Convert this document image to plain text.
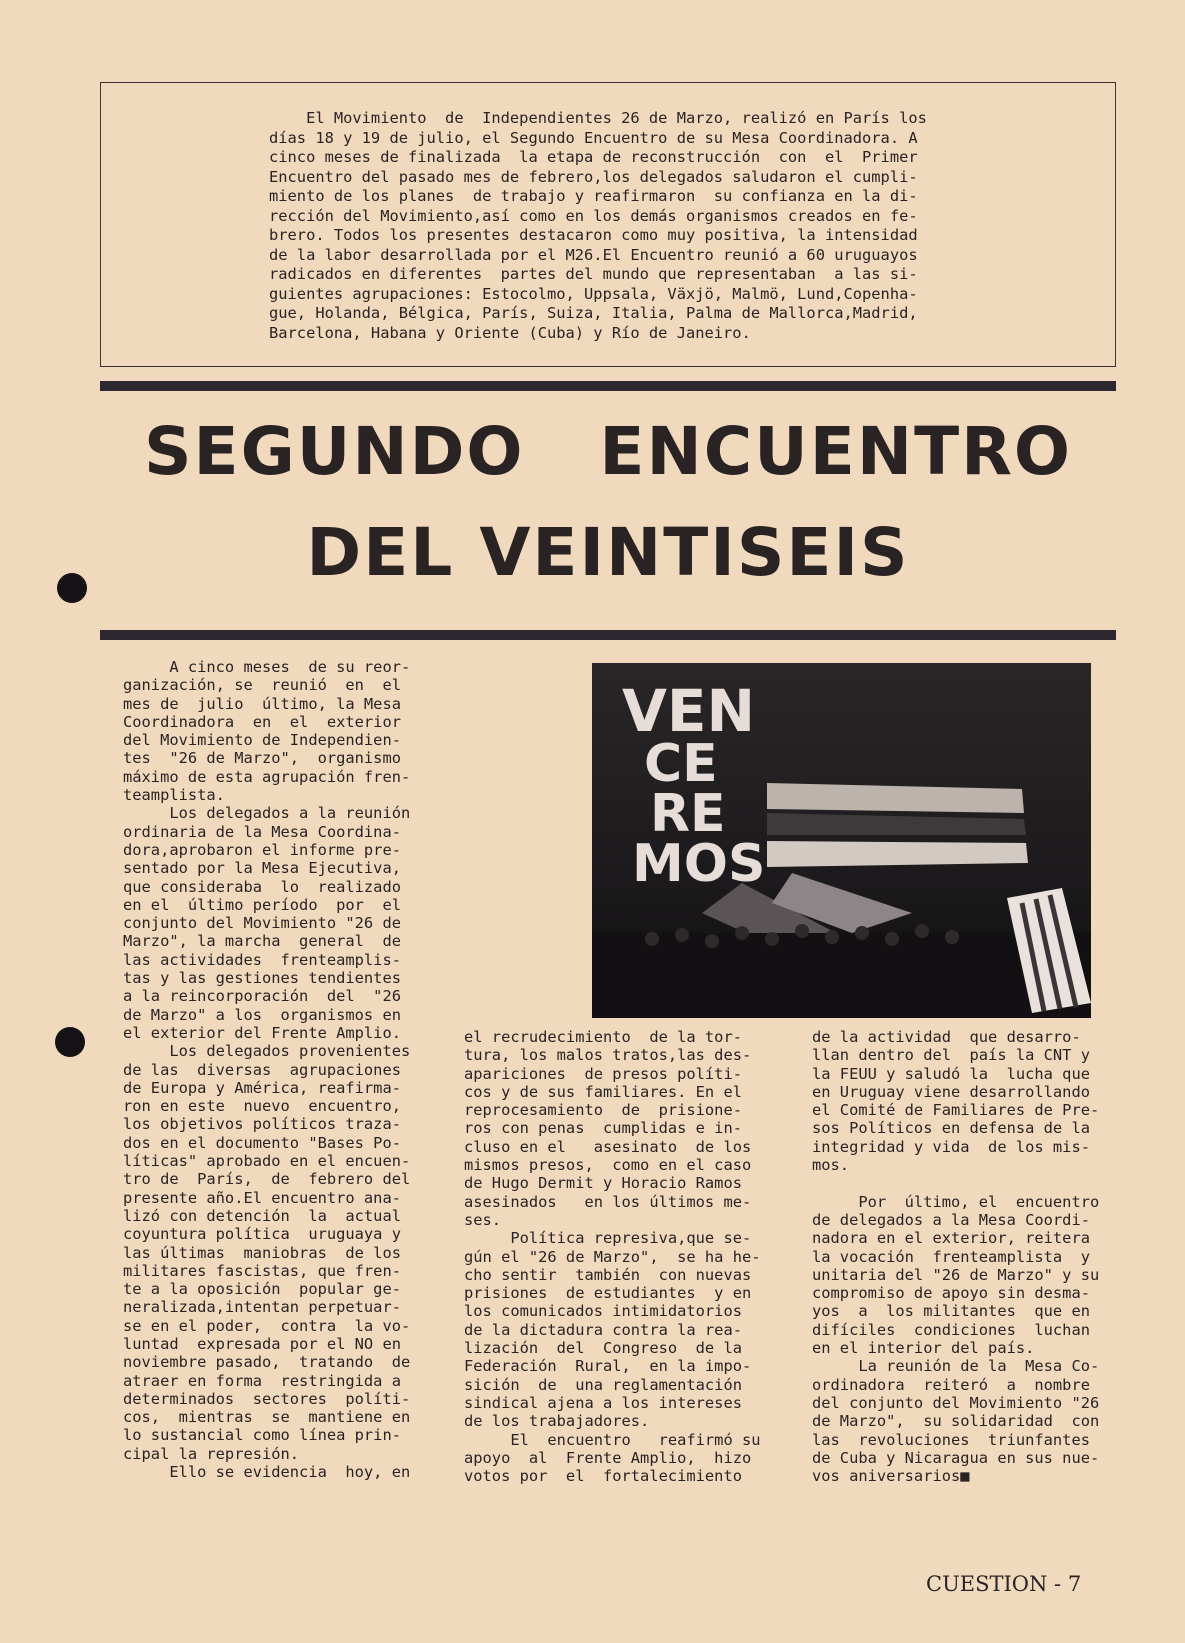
El Movimiento  de  Independientes 26 de Marzo, realizó en París los
días 18 y 19 de julio, el Segundo Encuentro de su Mesa Coordinadora. A
cinco meses de finalizada  la etapa de reconstrucción  con  el  Primer
Encuentro del pasado mes de febrero,los delegados saludaron el cumpli-
miento de los planes  de trabajo y reafirmaron  su confianza en la di-
rección del Movimiento,así como en los demás organismos creados en fe-
brero. Todos los presentes destacaron como muy positiva, la intensidad
de la labor desarrollada por el M26.El Encuentro reunió a 60 uruguayos
radicados en diferentes  partes del mundo que representaban  a las si-
guientes agrupaciones: Estocolmo, Uppsala, Växjö, Malmö, Lund,Copenha-
gue, Holanda, Bélgica, París, Suiza, Italia, Palma de Mallorca,Madrid,
Barcelona, Habana y Oriente (Cuba) y Río de Janeiro.
SEGUNDO   ENCUENTRO
DEL VEINTISEIS
A cinco meses  de su reor-
ganización, se  reunió  en  el
mes de  julio  último, la Mesa
Coordinadora  en  el  exterior
del Movimiento de Independien-
tes  "26 de Marzo",  organismo
máximo de esta agrupación fren-
teamplista.
Los delegados a la reunión
ordinaria de la Mesa Coordina-
dora,aprobaron el informe pre-
sentado por la Mesa Ejecutiva,
que consideraba  lo  realizado
en el  último período  por  el
conjunto del Movimiento "26 de
Marzo", la marcha  general  de
las actividades  frenteamplis-
tas y las gestiones tendientes
a la reincorporación  del  "26
de Marzo" a los  organismos en
el exterior del Frente Amplio.
Los delegados provenientes
de las  diversas  agrupaciones
de Europa y América, reafirma-
ron en este  nuevo  encuentro,
los objetivos políticos traza-
dos en el documento "Bases Po-
líticas" aprobado en el encuen-
tro de  París,  de  febrero del
presente año.El encuentro ana-
lizó con detención  la  actual
coyuntura política  uruguaya y
las últimas  maniobras  de los
militares fascistas, que fren-
te a la oposición  popular ge-
neralizada,intentan perpetuar-
se en el poder,  contra  la vo-
luntad  expresada por el NO en
noviembre pasado,  tratando  de
atraer en forma  restringida a
determinados  sectores  políti-
cos,  mientras  se  mantiene en
lo sustancial como línea prin-
cipal la represión.
Ello se evidencia  hoy, en
VEN
CE
RE
MOS
el recrudecimiento  de la tor-
tura, los malos tratos,las des-
apariciones  de presos políti-
cos y de sus familiares. En el
reprocesamiento  de  prisione-
ros con penas  cumplidas e in-
cluso en el   asesinato  de los
mismos presos,  como en el caso
de Hugo Dermit y Horacio Ramos
asesinados   en los últimos me-
ses.
Política represiva,que se-
gún el "26 de Marzo",  se ha he-
cho sentir  también  con nuevas
prisiones  de estudiantes  y en
los comunicados intimidatorios
de la dictadura contra la rea-
lización  del  Congreso  de la
Federación  Rural,  en la impo-
sición  de  una reglamentación
sindical ajena a los intereses
de los trabajadores.
El  encuentro   reafirmó su
apoyo  al  Frente Amplio,  hizo
votos por  el  fortalecimiento
de la actividad  que desarro-
llan dentro del  país la CNT y
la FEUU y saludó la  lucha que
en Uruguay viene desarrollando
el Comité de Familiares de Pre-
sos Políticos en defensa de la
integridad y vida  de los mis-
mos.

Por  último, el  encuentro
de delegados a la Mesa Coordi-
nadora en el exterior, reitera
la vocación  frenteamplista  y
unitaria del "26 de Marzo" y su
compromiso de apoyo sin desma-
yos  a  los militantes  que en
difíciles  condiciones  luchan
en el interior del país.
La reunión de la  Mesa Co-
ordinadora  reiteró  a  nombre
del conjunto del Movimiento "26
de Marzo",  su solidaridad  con
las  revoluciones  triunfantes
de Cuba y Nicaragua en sus nue-
vos aniversarios■
CUESTION - 7
